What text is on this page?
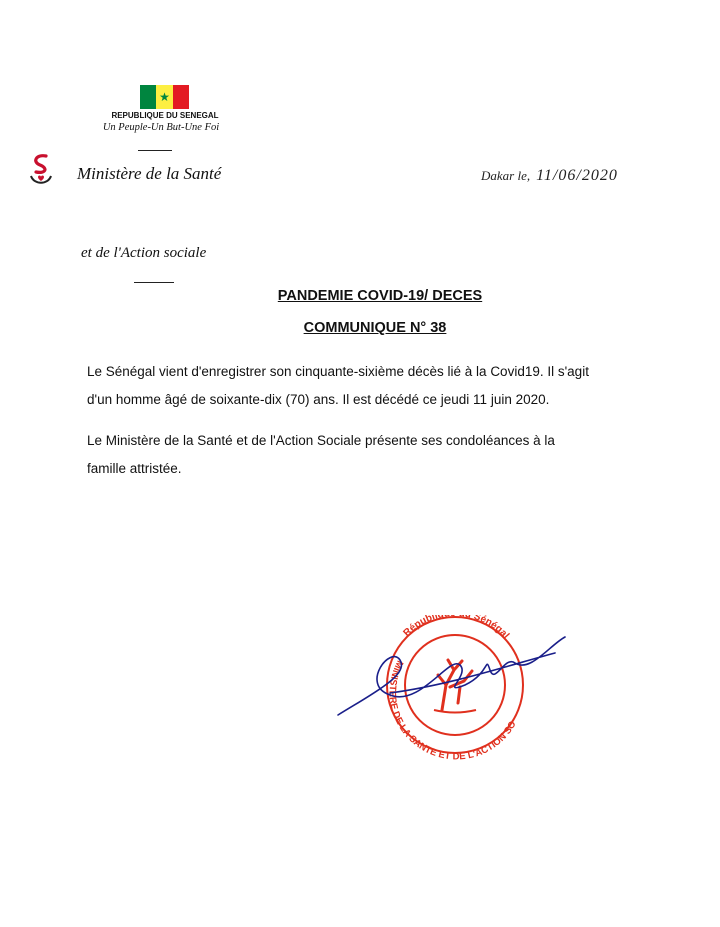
★
REPUBLIQUE DU SENEGAL
Un Peuple-Un But-Une Foi
Ministère de la Santé	Dakar le, 11/06/2020
et de l'Action sociale
PANDEMIE COVID-19/ DECES
COMMUNIQUE N° 38
Le Sénégal vient d'enregistrer son cinquante-sixième décès lié à la Covid19. Il s'agit
d'un homme âgé de soixante-dix (70) ans. Il est décédé ce jeudi 11 juin 2020.
Le Ministère de la Santé et de l'Action Sociale présente ses condoléances à la
famille attristée.
Républi Sénégal
MINISTERE DE LA SANTE ET DE L'ACTION SO
